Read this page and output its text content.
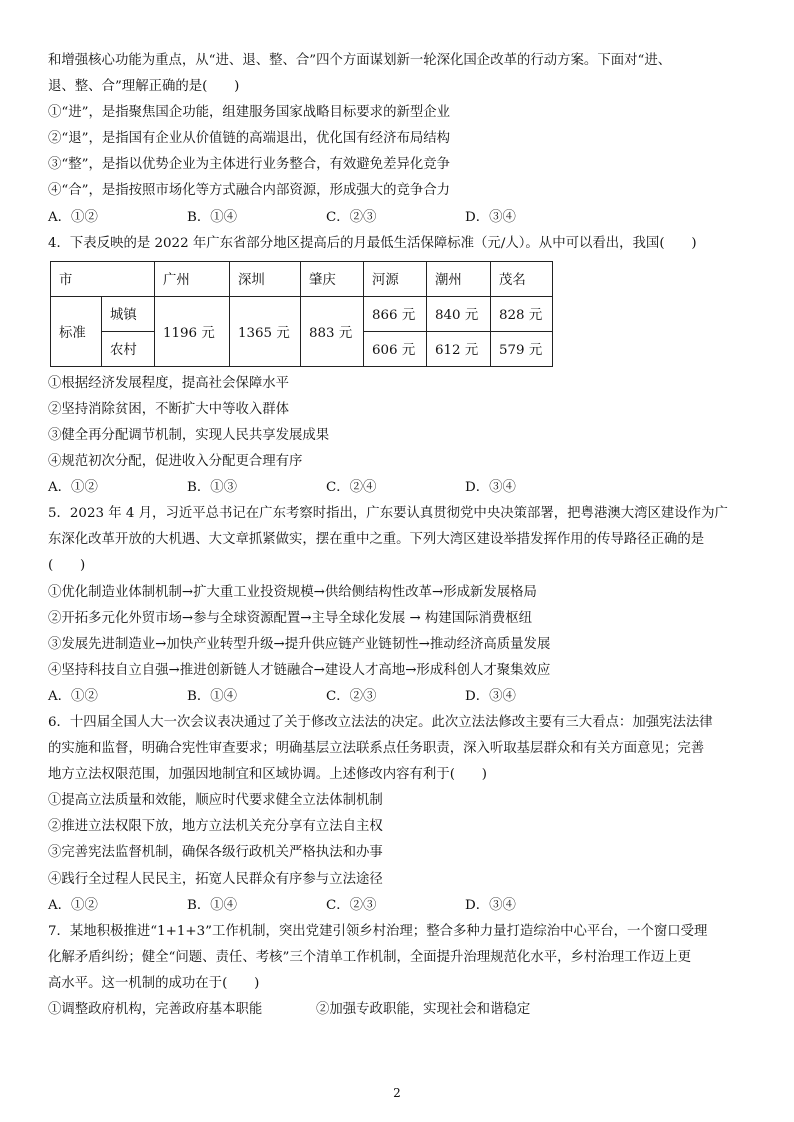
和增强核心功能为重点，从“进、退、整、合”四个方面谋划新一轮深化国企改革的行动方案。下面对“进、
退、整、合”理解正确的是(　　)
①“进”，是指聚焦国企功能，组建服务国家战略目标要求的新型企业
②“退”，是指国有企业从价值链的高端退出，优化国有经济布局结构
③“整”，是指以优势企业为主体进行业务整合，有效避免差异化竞争
④“合”，是指按照市场化等方式融合内部资源，形成强大的竞争合力
A．①②	B．①④	C．②③	D．③④
4．下表反映的是 2022 年广东省部分地区提高后的月最低生活保障标准（元/人）。从中可以看出，我国(　　)
市		广州	深圳	肇庆	河源	潮州	茂名
标准	城镇	1196 元	1365 元	883 元	866 元	840 元	828 元
	农村				606 元	612 元	579 元
①根据经济发展程度，提高社会保障水平
②坚持消除贫困，不断扩大中等收入群体
③健全再分配调节机制，实现人民共享发展成果
④规范初次分配，促进收入分配更合理有序
A．①②	B．①③	C．②④	D．③④
5．2023 年 4 月，习近平总书记在广东考察时指出，广东要认真贯彻党中央决策部署，把粤港澳大湾区建设作为广
东深化改革开放的大机遇、大文章抓紧做实，摆在重中之重。下列大湾区建设举措发挥作用的传导路径正确的是
(　　)
①优化制造业体制机制→扩大重工业投资规模→供给侧结构性改革→形成新发展格局
②开拓多元化外贸市场→参与全球资源配置→主导全球化发展 → 构建国际消费枢纽
③发展先进制造业→加快产业转型升级→提升供应链产业链韧性→推动经济高质量发展
④坚持科技自立自强→推进创新链人才链融合→建设人才高地→形成科创人才聚集效应
A．①②	B．①④	C．②③	D．③④
6．十四届全国人大一次会议表决通过了关于修改立法法的决定。此次立法法修改主要有三大看点：加强宪法法律
的实施和监督，明确合宪性审查要求；明确基层立法联系点任务职责，深入听取基层群众和有关方面意见；完善
地方立法权限范围，加强因地制宜和区域协调。上述修改内容有利于(　　)
①提高立法质量和效能，顺应时代要求健全立法体制机制
②推进立法权限下放，地方立法机关充分享有立法自主权
③完善宪法监督机制，确保各级行政机关严格执法和办事
④践行全过程人民民主，拓宽人民群众有序参与立法途径
A．①②	B．①④	C．②③	D．③④
7．某地积极推进“1+1+3”工作机制，突出党建引领乡村治理；整合多种力量打造综治中心平台，一个窗口受理
化解矛盾纠纷；健全“问题、责任、考核”三个清单工作机制，全面提升治理规范化水平，乡村治理工作迈上更
高水平。这一机制的成功在于(　　)
①调整政府机构，完善政府基本职能	②加强专政职能，实现社会和谐稳定
2
